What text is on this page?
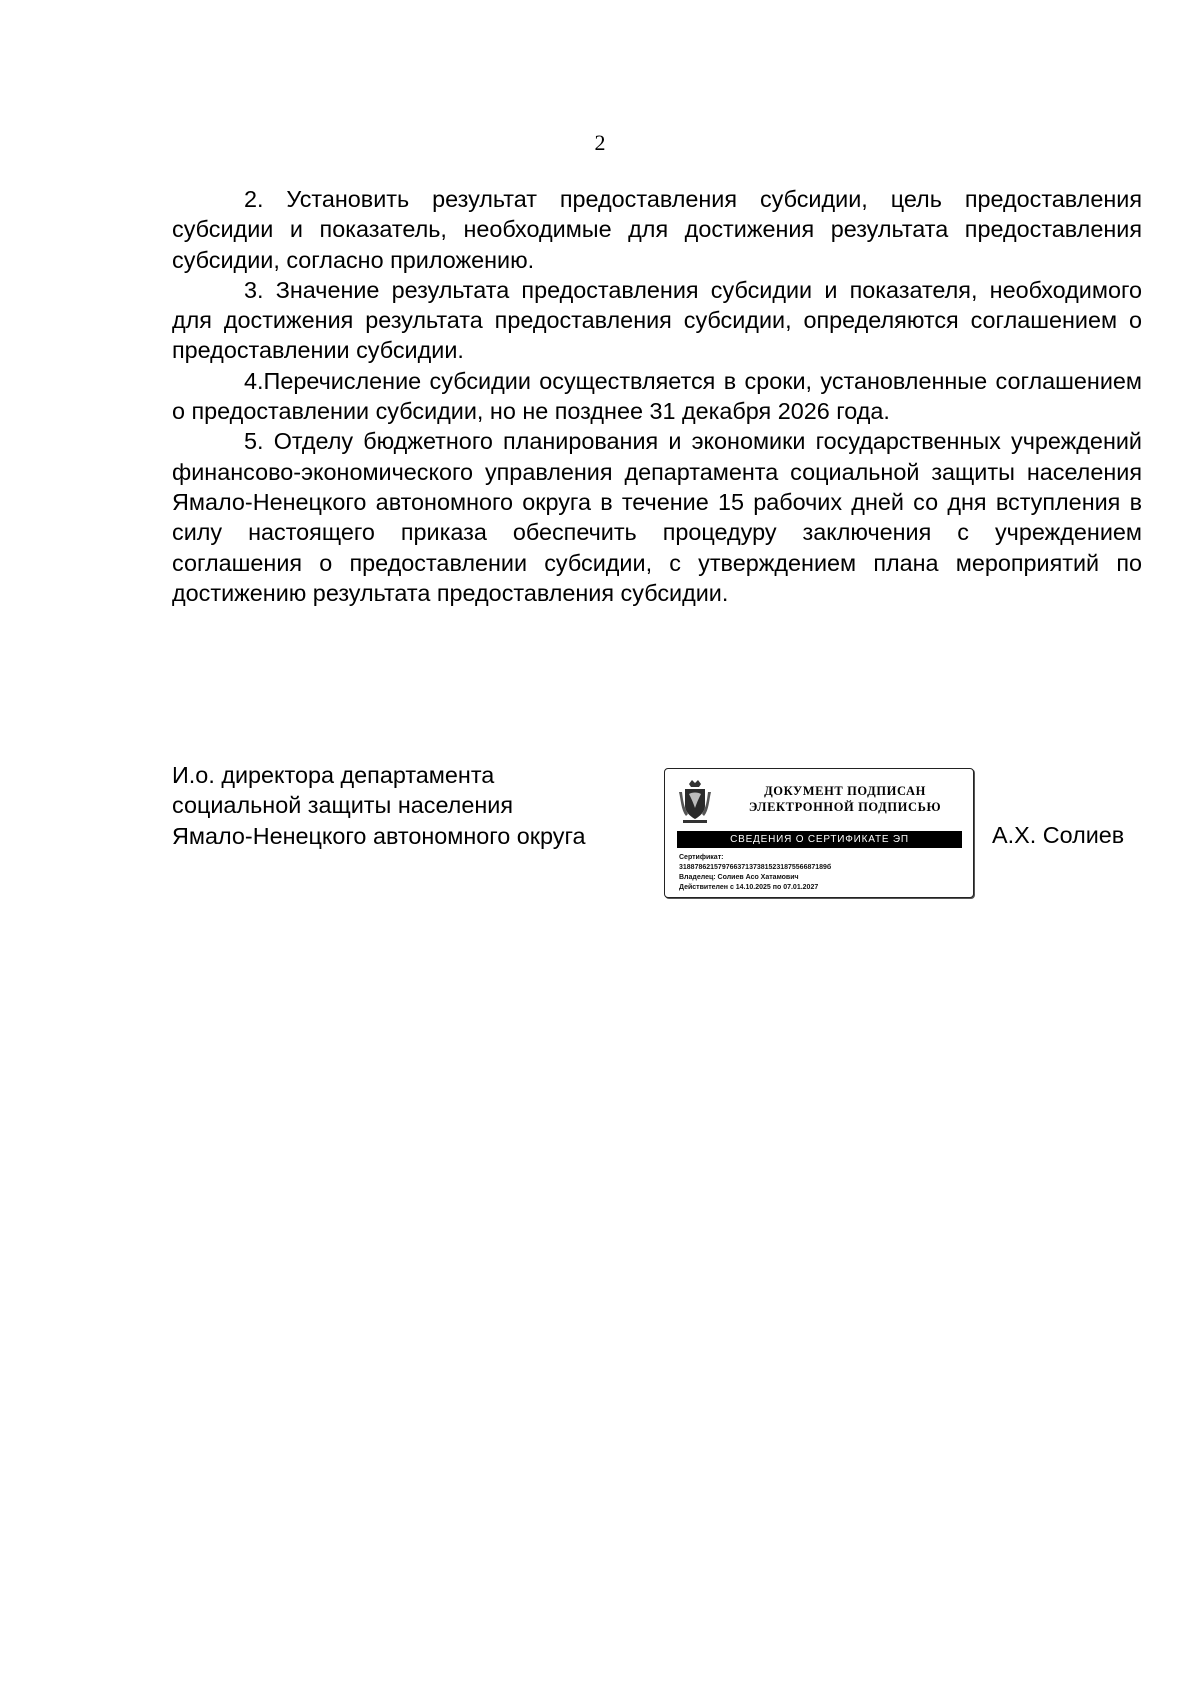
2

2. Установить результат предоставления субсидии, цель предоставления субсидии и показатель, необходимые для достижения результата предоставления субсидии, согласно приложению.

3. Значение результата предоставления субсидии и показателя, необходимого для достижения результата предоставления субсидии, определяются соглашением о предоставлении субсидии.

4.Перечисление субсидии осуществляется в сроки, установленные соглашением о предоставлении субсидии, но не позднее 31 декабря 2026 года.

5. Отделу бюджетного планирования и экономики государственных учреждений финансово-экономического управления департамента социальной защиты населения Ямало-Ненецкого автономного округа в течение 15 рабочих дней со дня вступления в силу настоящего приказа обеспечить процедуру заключения с учреждением соглашения о предоставлении субсидии, с утверждением плана мероприятий по достижению результата предоставления субсидии.

И.о. директора департамента
социальной защиты населения
Ямало-Ненецкого автономного округа
ДОКУМЕНТ ПОДПИСАН
ЭЛЕКТРОННОЙ ПОДПИСЬЮ
СВЕДЕНИЯ О СЕРТИФИКАТЕ ЭП
Сертификат:
31887862157976637137381523187556687189б
Владелец: Солиев Асо Хатамович
Действителен с 14.10.2025 по 07.01.2027
А.Х. Солиев
